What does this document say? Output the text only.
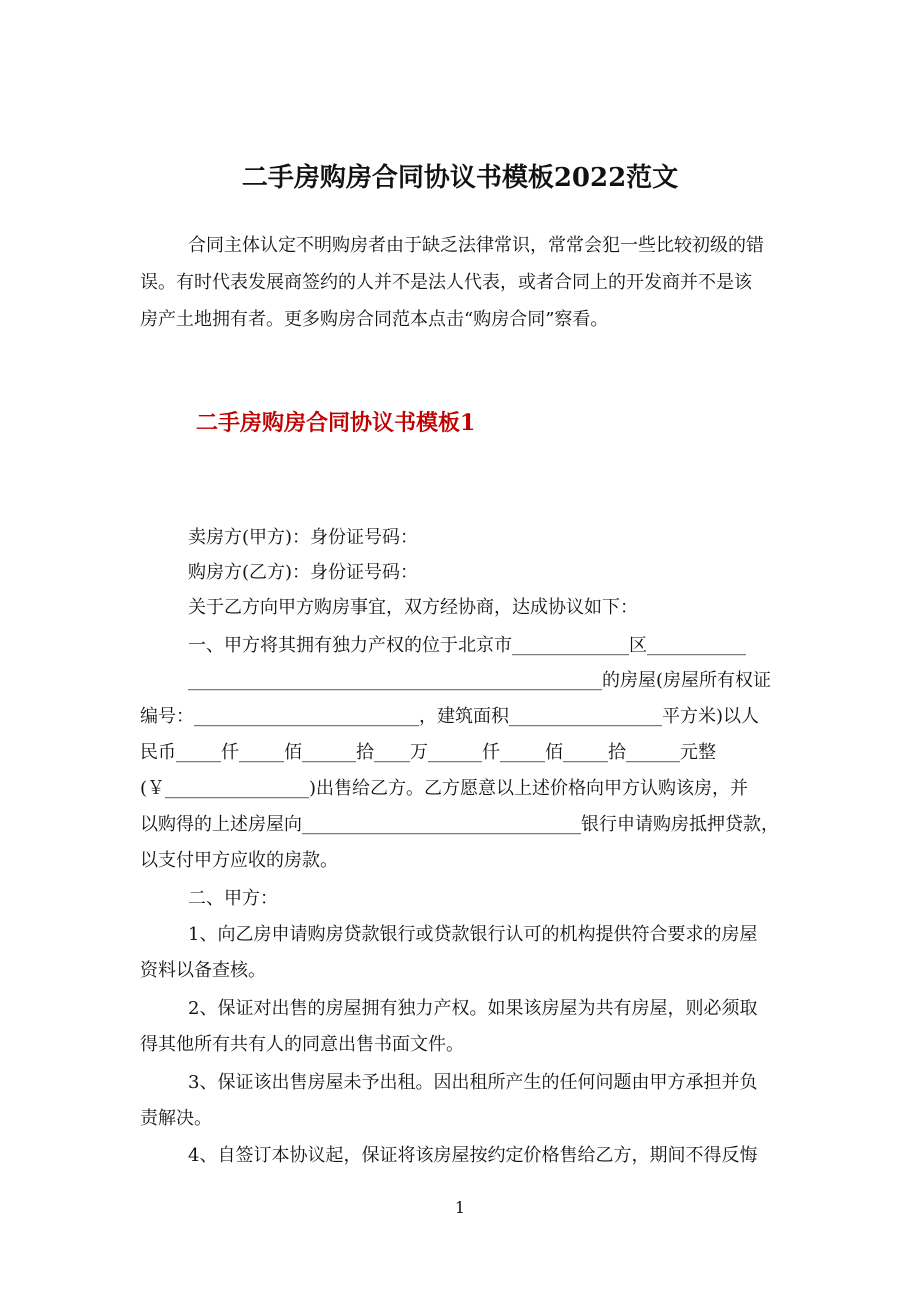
二手房购房合同协议书模板2022范文

合同主体认定不明购房者由于缺乏法律常识，常常会犯一些比较初级的错

误。有时代表发展商签约的人并不是法人代表，或者合同上的开发商并不是该

房产土地拥有者。更多购房合同范本点击“购房合同”察看。

二手房购房合同协议书模板1

卖房方(甲方)：身份证号码：

购房方(乙方)：身份证号码：

关于乙方向甲方购房事宜，双方经协商，达成协议如下：

一、甲方将其拥有独力产权的位于北京市_____________区___________

______________________________________________的房屋(房屋所有权证

编号：_________________________，建筑面积_________________平方米)以人

民币_____仟_____佰______拾____万______仟_____佰_____拾______元整

(￥________________)出售给乙方。乙方愿意以上述价格向甲方认购该房，并

以购得的上述房屋向_______________________________银行申请购房抵押贷款，

以支付甲方应收的房款。

二、甲方：

1、向乙房申请购房贷款银行或贷款银行认可的机构提供符合要求的房屋

资料以备查核。

2、保证对出售的房屋拥有独力产权。如果该房屋为共有房屋，则必须取

得其他所有共有人的同意出售书面文件。

3、保证该出售房屋未予出租。因出租所产生的任何问题由甲方承担并负

责解决。

4、自签订本协议起，保证将该房屋按约定价格售给乙方，期间不得反悔

1
